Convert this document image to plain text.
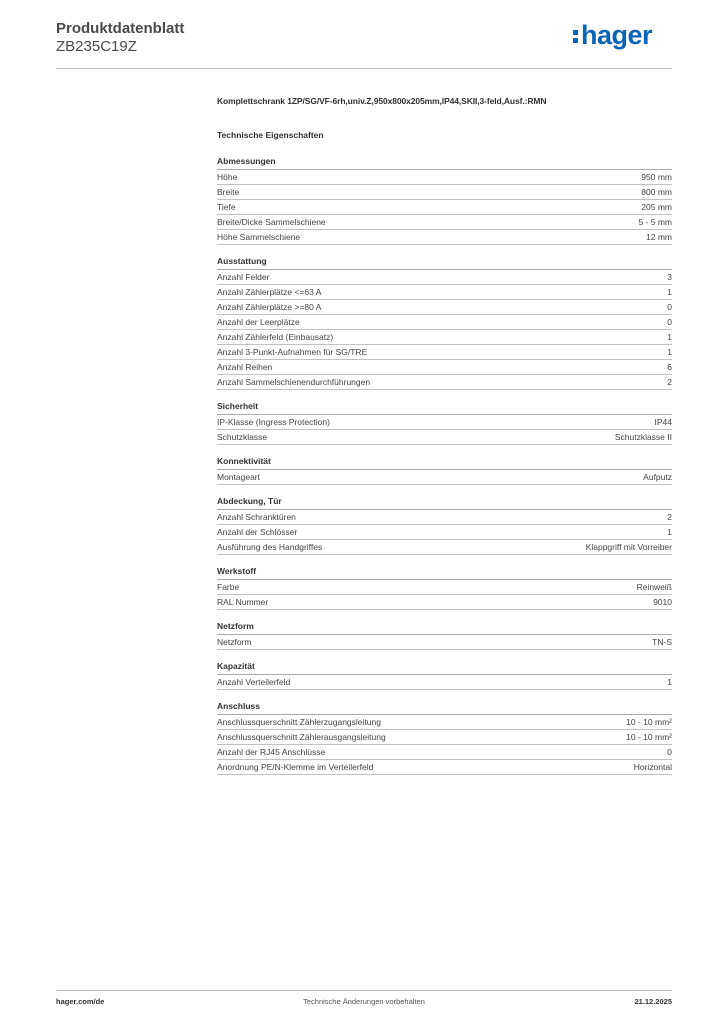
Produktdatenblatt
ZB235C19Z	hager
Komplettschrank 1ZP/SG/VF-6rh,univ.Z,950x800x205mm,IP44,SKII,3-feld,Ausf.:RMN
Technische Eigenschaften
Abmessungen
Höhe	950 mm
Breite	800 mm
Tiefe	205 mm
Breite/Dicke Sammelschiene	5 - 5 mm
Höhe Sammelschiene	12 mm
Ausstattung
Anzahl Felder	3
Anzahl Zählerplätze <=63 A	1
Anzahl Zählerplätze >=80 A	0
Anzahl der Leerplätze	0
Anzahl Zählerfeld (Einbausatz)	1
Anzahl 3-Punkt-Aufnahmen für SG/TRE	1
Anzahl Reihen	6
Anzahl Sammelschienendurchführungen	2
Sicherheit
IP-Klasse (Ingress Protection)	IP44
Schutzklasse	Schutzklasse II
Konnektivität
Montageart	Aufputz
Abdeckung, Tür
Anzahl Schranktüren	2
Anzahl der Schlösser	1
Ausführung des Handgriffes	Klappgriff mit Vorreiber
Werkstoff
Farbe	Reinweiß
RAL Nummer	9010
Netzform
Netzform	TN-S
Kapazität
Anzahl Verteilerfeld	1
Anschluss
Anschlussquerschnitt Zählerzugangsleitung	10 - 10 mm²
Anschlussquerschnitt Zählerausgangsleitung	10 - 10 mm²
Anzahl der RJ45 Anschlüsse	0
Anordnung PE/N-Klemme im Verteilerfeld	Horizontal
hager.com/de	Technische Änderungen vorbehalten	21.12.2025
